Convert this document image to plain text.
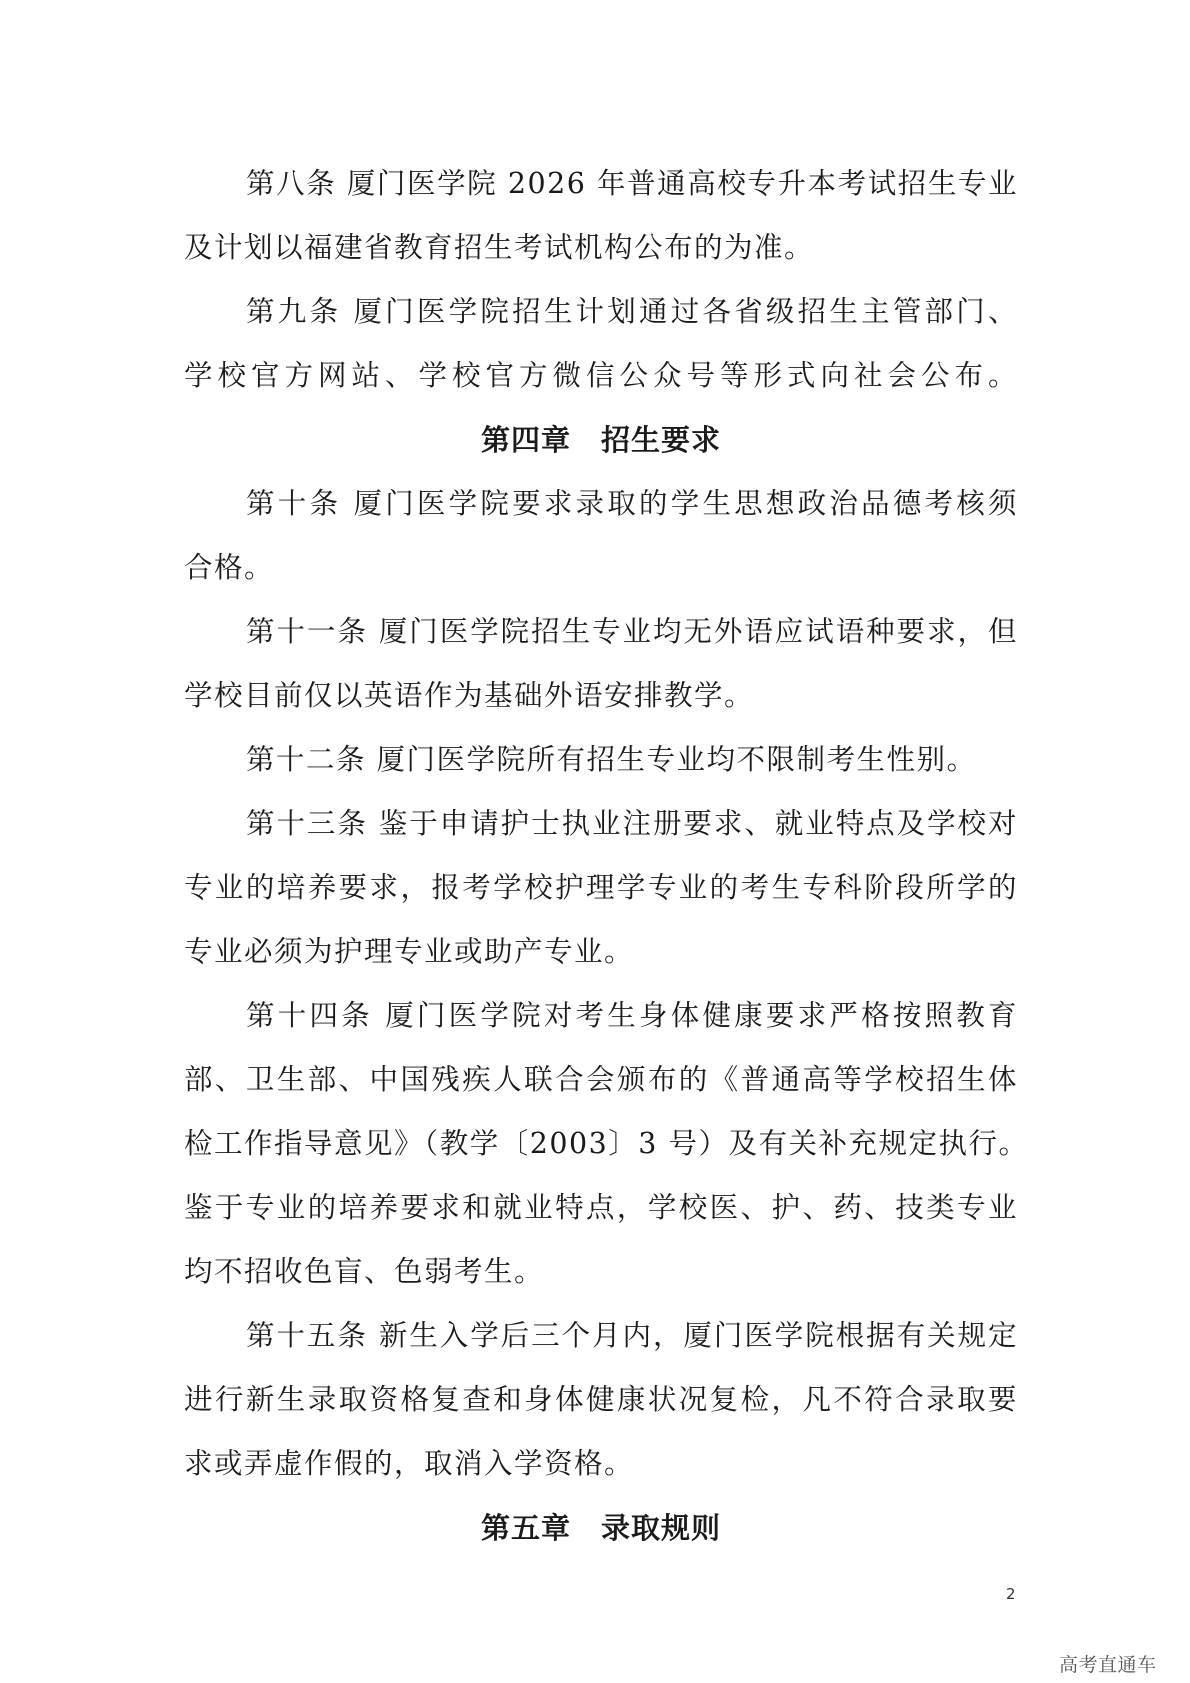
第八条 厦门医学院 2026 年普通高校专升本考试招生专业
及计划以福建省教育招生考试机构公布的为准。
第九条 厦门医学院招生计划通过各省级招生主管部门、
学校官方网站、学校官方微信公众号等形式向社会公布。
第四章　招生要求
第十条 厦门医学院要求录取的学生思想政治品德考核须
合格。
第十一条 厦门医学院招生专业均无外语应试语种要求，但
学校目前仅以英语作为基础外语安排教学。
第十二条 厦门医学院所有招生专业均不限制考生性别。
第十三条 鉴于申请护士执业注册要求、就业特点及学校对
专业的培养要求，报考学校护理学专业的考生专科阶段所学的
专业必须为护理专业或助产专业。
第十四条 厦门医学院对考生身体健康要求严格按照教育
部、卫生部、中国残疾人联合会颁布的《普通高等学校招生体
检工作指导意见》（教学〔2003〕3 号）及有关补充规定执行。
鉴于专业的培养要求和就业特点，学校医、护、药、技类专业
均不招收色盲、色弱考生。
第十五条 新生入学后三个月内，厦门医学院根据有关规定
进行新生录取资格复查和身体健康状况复检，凡不符合录取要
求或弄虚作假的，取消入学资格。
第五章　录取规则
2
高考直通车
